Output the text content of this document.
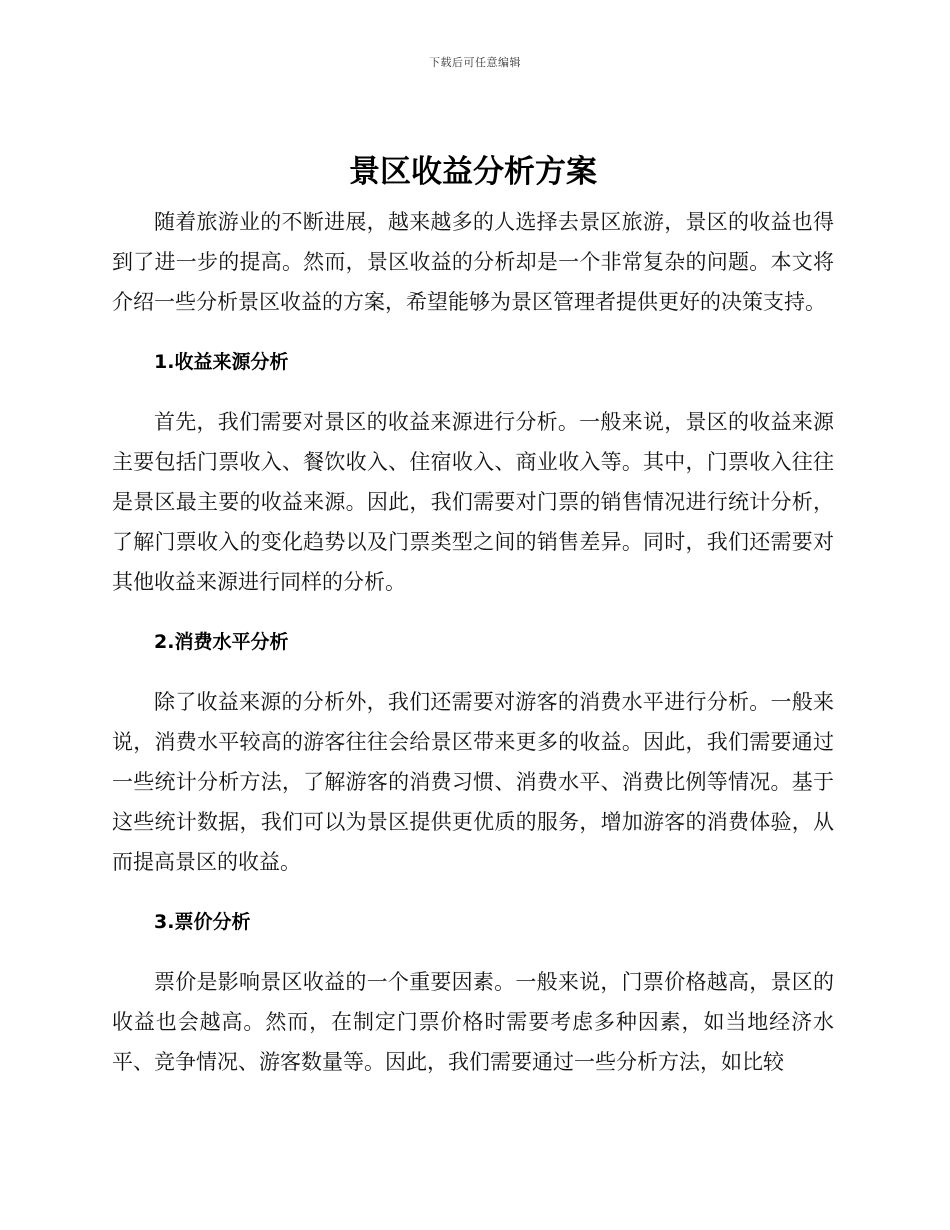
下载后可任意编辑
景区收益分析方案

随着旅游业的不断进展，越来越多的人选择去景区旅游，景区的收益也得到了进一步的提高。然而，景区收益的分析却是一个非常复杂的问题。本文将介绍一些分析景区收益的方案，希望能够为景区管理者提供更好的决策支持。

1.收益来源分析

首先，我们需要对景区的收益来源进行分析。一般来说，景区的收益来源主要包括门票收入、餐饮收入、住宿收入、商业收入等。其中，门票收入往往是景区最主要的收益来源。因此，我们需要对门票的销售情况进行统计分析，了解门票收入的变化趋势以及门票类型之间的销售差异。同时，我们还需要对其他收益来源进行同样的分析。

2.消费水平分析

除了收益来源的分析外，我们还需要对游客的消费水平进行分析。一般来说，消费水平较高的游客往往会给景区带来更多的收益。因此，我们需要通过一些统计分析方法，了解游客的消费习惯、消费水平、消费比例等情况。基于这些统计数据，我们可以为景区提供更优质的服务，增加游客的消费体验，从而提高景区的收益。

3.票价分析

票价是影响景区收益的一个重要因素。一般来说，门票价格越高，景区的收益也会越高。然而，在制定门票价格时需要考虑多种因素，如当地经济水平、竞争情况、游客数量等。因此，我们需要通过一些分析方法，如比较
